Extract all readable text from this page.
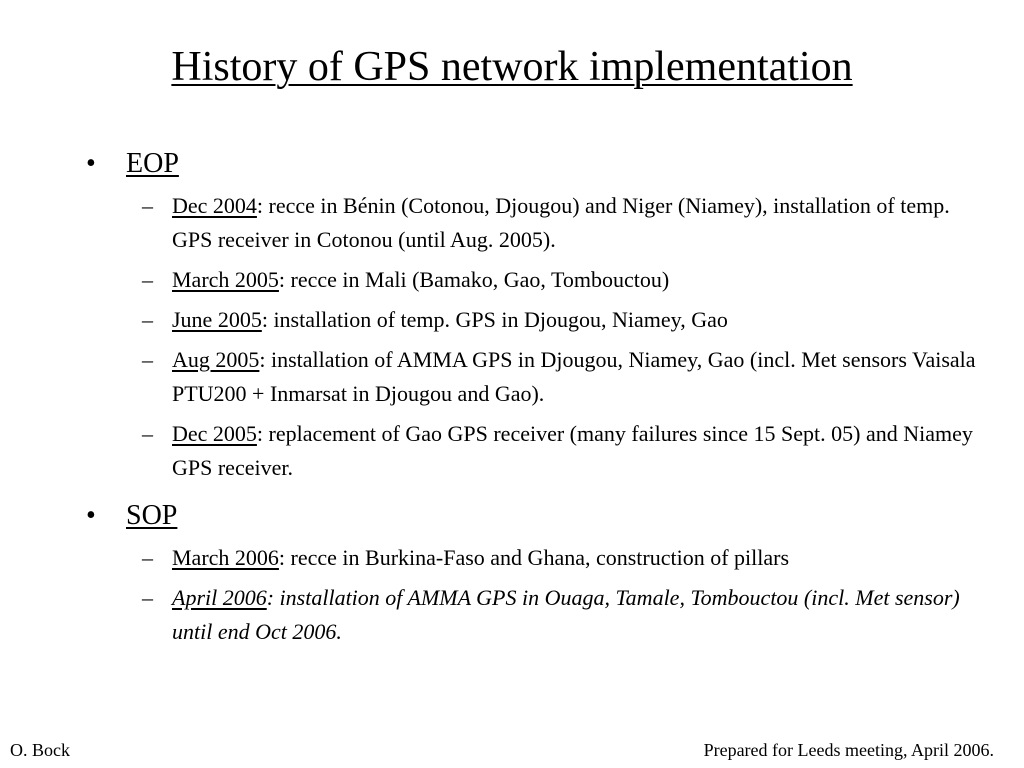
History of GPS network implementation
• EOP
– Dec 2004: recce in Bénin (Cotonou, Djougou) and Niger (Niamey), installation of temp. GPS receiver in Cotonou (until Aug. 2005).
– March 2005: recce in Mali (Bamako, Gao, Tombouctou)
– June 2005: installation of temp. GPS in Djougou, Niamey, Gao
– Aug 2005: installation of AMMA GPS in Djougou, Niamey, Gao (incl. Met sensors Vaisala PTU200 + Inmarsat in Djougou and Gao).
– Dec 2005: replacement of Gao GPS receiver (many failures since 15 Sept. 05) and Niamey GPS receiver.
• SOP
– March 2006: recce in Burkina-Faso and Ghana, construction of pillars
– April 2006: installation of AMMA GPS in Ouaga, Tamale, Tombouctou (incl. Met sensor) until end Oct 2006.
O. Bock	Prepared for Leeds meeting, April 2006.
